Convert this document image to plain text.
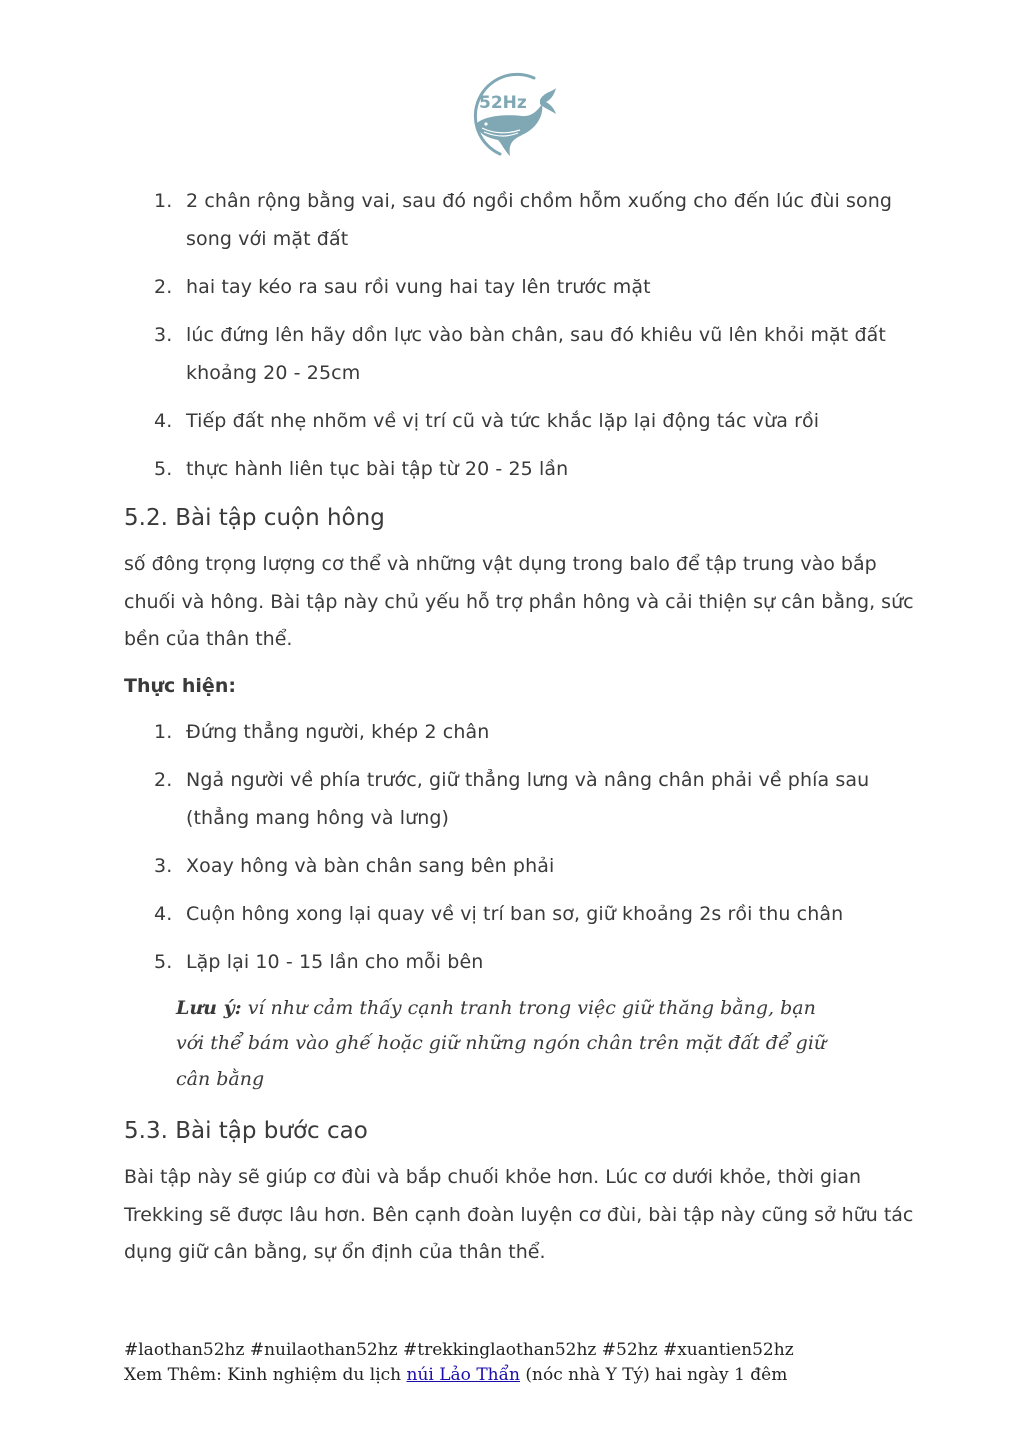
52Hz
1. 2 chân rộng bằng vai, sau đó ngồi chồm hỗm xuống cho đến lúc đùi song song với mặt đất
2. hai tay kéo ra sau rồi vung hai tay lên trước mặt
3. lúc đứng lên hãy dồn lực vào bàn chân, sau đó khiêu vũ lên khỏi mặt đất khoảng 20 - 25cm
4. Tiếp đất nhẹ nhõm về vị trí cũ và tức khắc lặp lại động tác vừa rồi
5. thực hành liên tục bài tập từ 20 - 25 lần
5.2. Bài tập cuộn hông

số đông trọng lượng cơ thể và những vật dụng trong balo để tập trung vào bắp chuối và hông. Bài tập này chủ yếu hỗ trợ phần hông và cải thiện sự cân bằng, sức bền của thân thể.

Thực hiện:

1. Đứng thẳng người, khép 2 chân
2. Ngả người về phía trước, giữ thẳng lưng và nâng chân phải về phía sau (thẳng mang hông và lưng)
3. Xoay hông và bàn chân sang bên phải
4. Cuộn hông xong lại quay về vị trí ban sơ, giữ khoảng 2s rồi thu chân
5. Lặp lại 10 - 15 lần cho mỗi bên
Lưu ý: ví như cảm thấy cạnh tranh trong việc giữ thăng bằng, bạn với thể bám vào ghế hoặc giữ những ngón chân trên mặt đất để giữ cân bằng
5.3. Bài tập bước cao

Bài tập này sẽ giúp cơ đùi và bắp chuối khỏe hơn. Lúc cơ dưới khỏe, thời gian Trekking sẽ được lâu hơn. Bên cạnh đoàn luyện cơ đùi, bài tập này cũng sở hữu tác dụng giữ cân bằng, sự ổn định của thân thể.

#laothan52hz #nuilaothan52hz #trekkinglaothan52hz #52hz #xuantien52hz
Xem Thêm: Kinh nghiệm du lịch núi Lảo Thẩn (nóc nhà Y Tý) hai ngày 1 đêm
